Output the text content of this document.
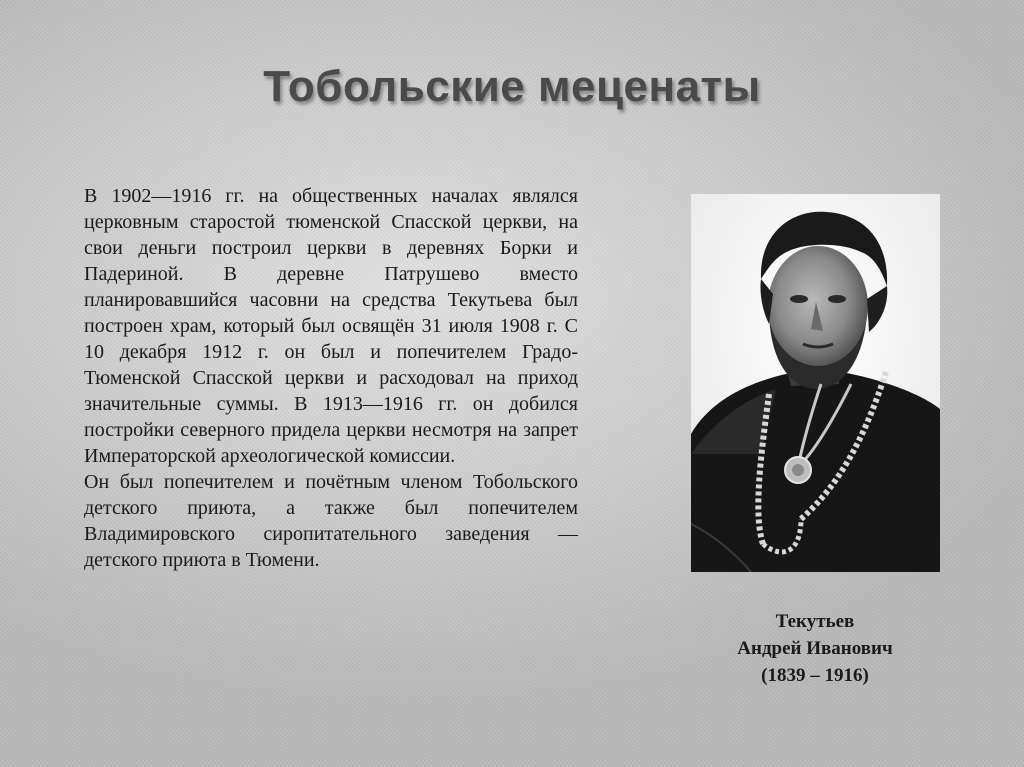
Тобольские меценаты

В 1902—1916 гг. на общественных началах являлся церковным старостой тюменской Спасской церкви, на свои деньги построил церкви в деревнях Борки и Падериной. В деревне Патрушево вместо планировавшийся часовни на средства Текутьева был построен храм, который был освящён 31 июля 1908 г. С 10 декабря 1912 г. он был и попечителем Градо-Тюменской Спасской церкви и расходовал на приход значительные суммы. В 1913—1916 гг. он добился постройки северного придела церкви несмотря на запрет Императорской археологической комиссии.

Он был попечителем и почётным членом Тобольского детского приюта, а также был попечителем Владимировского сиропитательного заведения — детского приюта в Тюмени.

Текутьев
Андрей Иванович
(1839 – 1916)
